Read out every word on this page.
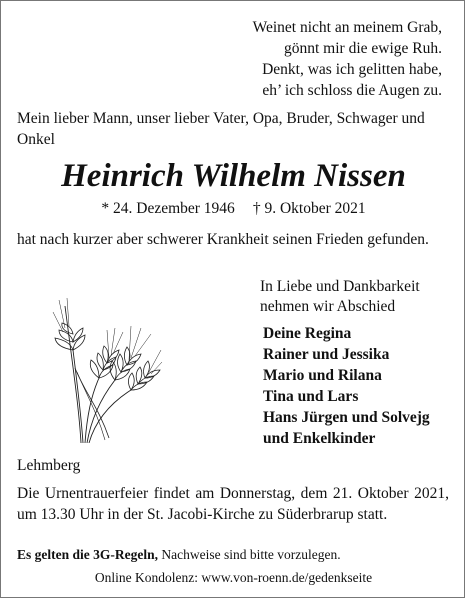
Weinet nicht an meinem Grab,
gönnt mir die ewige Ruh.
Denkt, was ich gelitten habe,
eh’ ich schloss die Augen zu.
Mein lieber Mann, unser lieber Vater, Opa, Bruder, Schwager und Onkel
Heinrich Wilhelm Nissen
* 24. Dezember 1946 † 9. Oktober 2021
hat nach kurzer aber schwerer Krankheit seinen Frieden gefunden.
In Liebe und Dankbarkeit
nehmen wir Abschied
Deine Regina
Rainer und Jessika
Mario und Rilana
Tina und Lars
Hans Jürgen und Solvejg
und Enkelkinder
Lehmberg
Die Urnentrauerfeier findet am Donnerstag, dem 21. Oktober 2021, um 13.30 Uhr in der St. Jacobi-Kirche zu Süderbrarup statt.
Es gelten die 3G-Regeln, Nachweise sind bitte vorzulegen.
Online Kondolenz: www.von-roenn.de/gedenkseite
